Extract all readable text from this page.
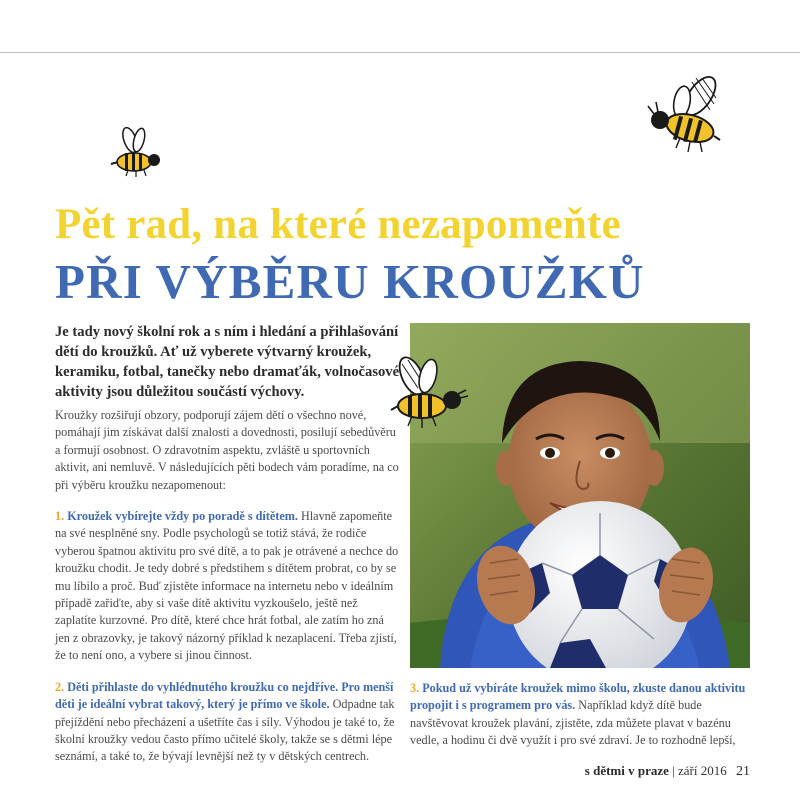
Pět rad, na které nezapomeňte
PŘI VÝBĚRU KROUŽKŮ
Je tady nový školní rok a s ním i hledání a přihlašování dětí do kroužků. Ať už vyberete výtvarný kroužek, keramiku, fotbal, tanečky nebo dramaťák, volnočasové aktivity jsou důležitou součástí výchovy.

Kroužky rozšiřují obzory, podporují zájem dětí o všechno nové, pomáhají jim získávat další znalosti a dovednosti, posilují sebedůvěru a formují osobnost. O zdravotním aspektu, zvláště u sportovních aktivit, ani nemluvě. V následujících pěti bodech vám poradíme, na co při výběru kroužku nezapomenout:

1. Kroužek vybírejte vždy po poradě s dítětem. Hlavně zapomeňte na své nesplněné sny. Podle psychologů se totiž stává, že rodiče vyberou špatnou aktivitu pro své dítě, a to pak je otrávené a nechce do kroužku chodit. Je tedy dobré s předstihem s dítětem probrat, co by se mu líbilo a proč. Buď zjistěte informace na internetu nebo v ideálním případě zařiďte, aby si vaše dítě aktivitu vyzkoušelo, ještě než zaplatíte kurzovné. Pro dítě, které chce hrát fotbal, ale zatím ho zná jen z obrazovky, je takový názorný příklad k nezaplacení. Třeba zjistí, že to není ono, a vybere si jinou činnost.

2. Děti přihlaste do vyhlédnutého kroužku co nejdříve. Pro menší děti je ideální vybrat takový, který je přímo ve škole. Odpadne tak přejíždění nebo přecházení a ušetříte čas i síly. Výhodou je také to, že školní kroužky vedou často přímo učitelé školy, takže se s dětmi lépe seznámí, a také to, že bývají levnější než ty v dětských centrech.

3. Pokud už vybíráte kroužek mimo školu, zkuste danou aktivitu propojit i s programem pro vás. Například když dítě bude navštěvovat kroužek plavání, zjistěte, zda můžete plavat v bazénu vedle, a hodinu či dvě využít i pro své zdraví. Je to rozhodně lepší,
s dětmi v praze | září 2016 21
